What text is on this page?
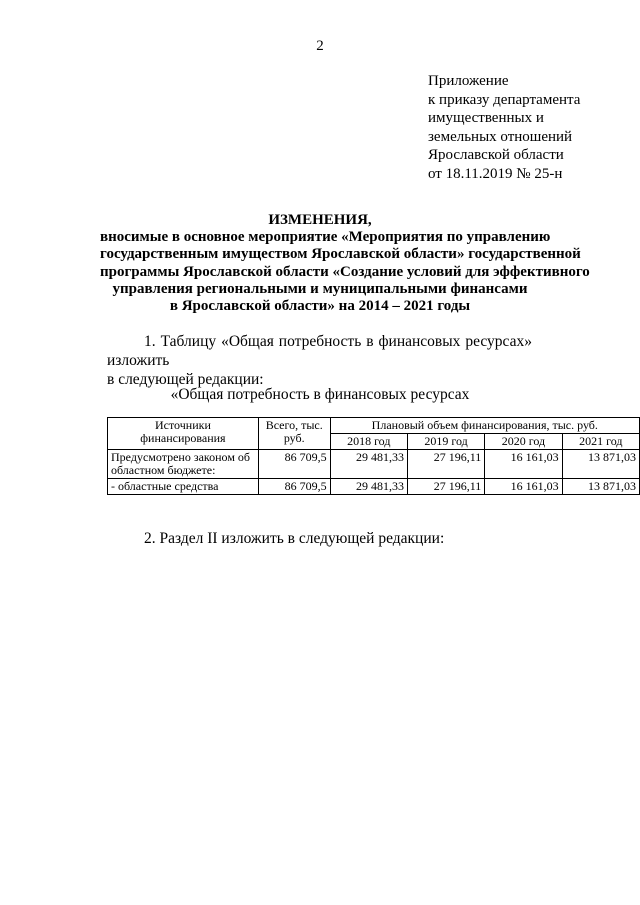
2
Приложение
к приказу департамента
имущественных и
земельных отношений
Ярославской области
от 18.11.2019 № 25-н
ИЗМЕНЕНИЯ,
вносимые в основное мероприятие «Мероприятия по управлению
государственным имуществом Ярославской области» государственной
программы Ярославской области «Создание условий для эффективного
управления региональными и муниципальными финансами
в Ярославской области» на 2014 – 2021 годы
1. Таблицу «Общая потребность в финансовых ресурсах» изложить
в следующей редакции:
«Общая потребность в финансовых ресурсах
Источники финансирования	Всего, тыс. руб.	Плановый объем финансирования, тыс. руб.			
		2018 год	2019 год	2020 год	2021 год
Предусмотрено законом об областном бюджете:	86 709,5	29 481,33	27 196,11	16 161,03	13 871,03
- областные средства	86 709,5	29 481,33	27 196,11	16 161,03	13 871,03
2. Раздел II изложить в следующей редакции:
